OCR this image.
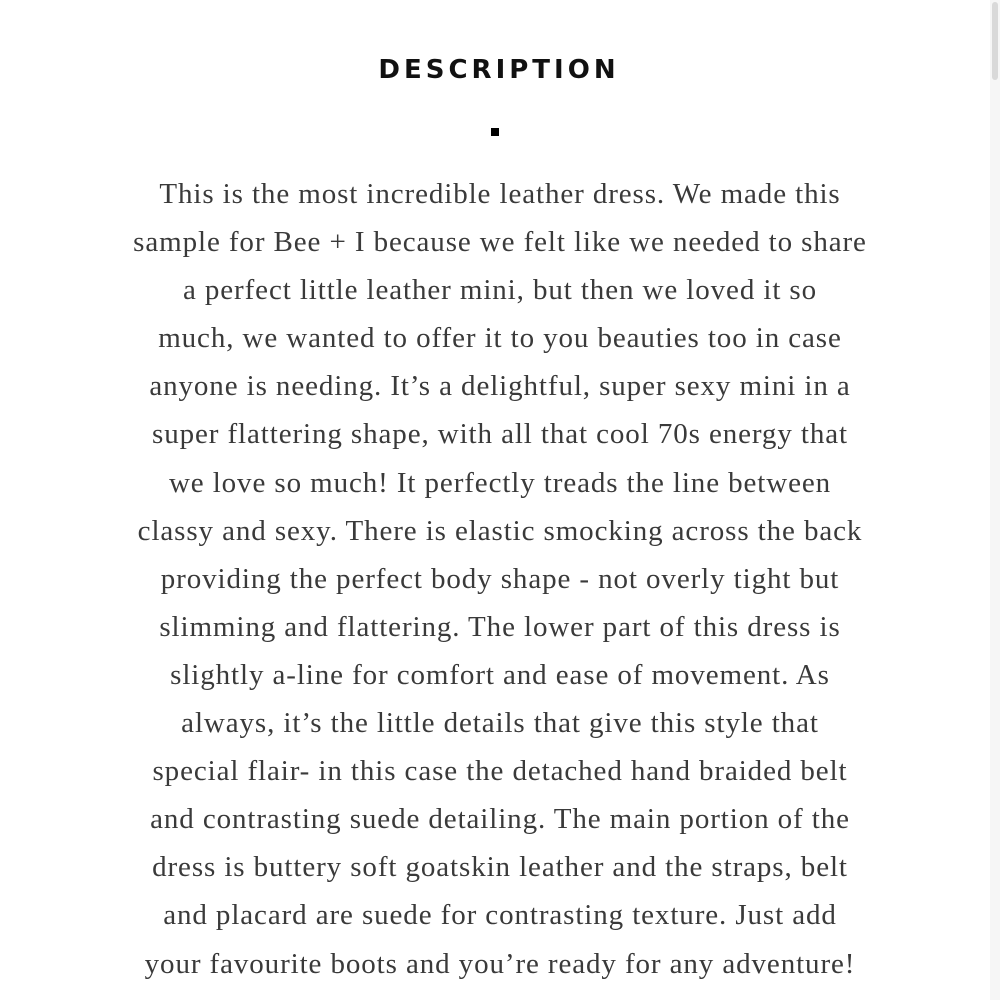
DESCRIPTION
This is the most incredible leather dress. We made this
sample for Bee + I because we felt like we needed to share
a perfect little leather mini, but then we loved it so
much, we wanted to offer it to you beauties too in case
anyone is needing. It’s a delightful, super sexy mini in a
super flattering shape, with all that cool 70s energy that
we love so much! It perfectly treads the line between
classy and sexy. There is elastic smocking across the back
providing the perfect body shape - not overly tight but
slimming and flattering. The lower part of this dress is
slightly a-line for comfort and ease of movement. As
always, it’s the little details that give this style that
special flair- in this case the detached hand braided belt
and contrasting suede detailing. The main portion of the
dress is buttery soft goatskin leather and the straps, belt
and placard are suede for contrasting texture. Just add
your favourite boots and you’re ready for any adventure!
